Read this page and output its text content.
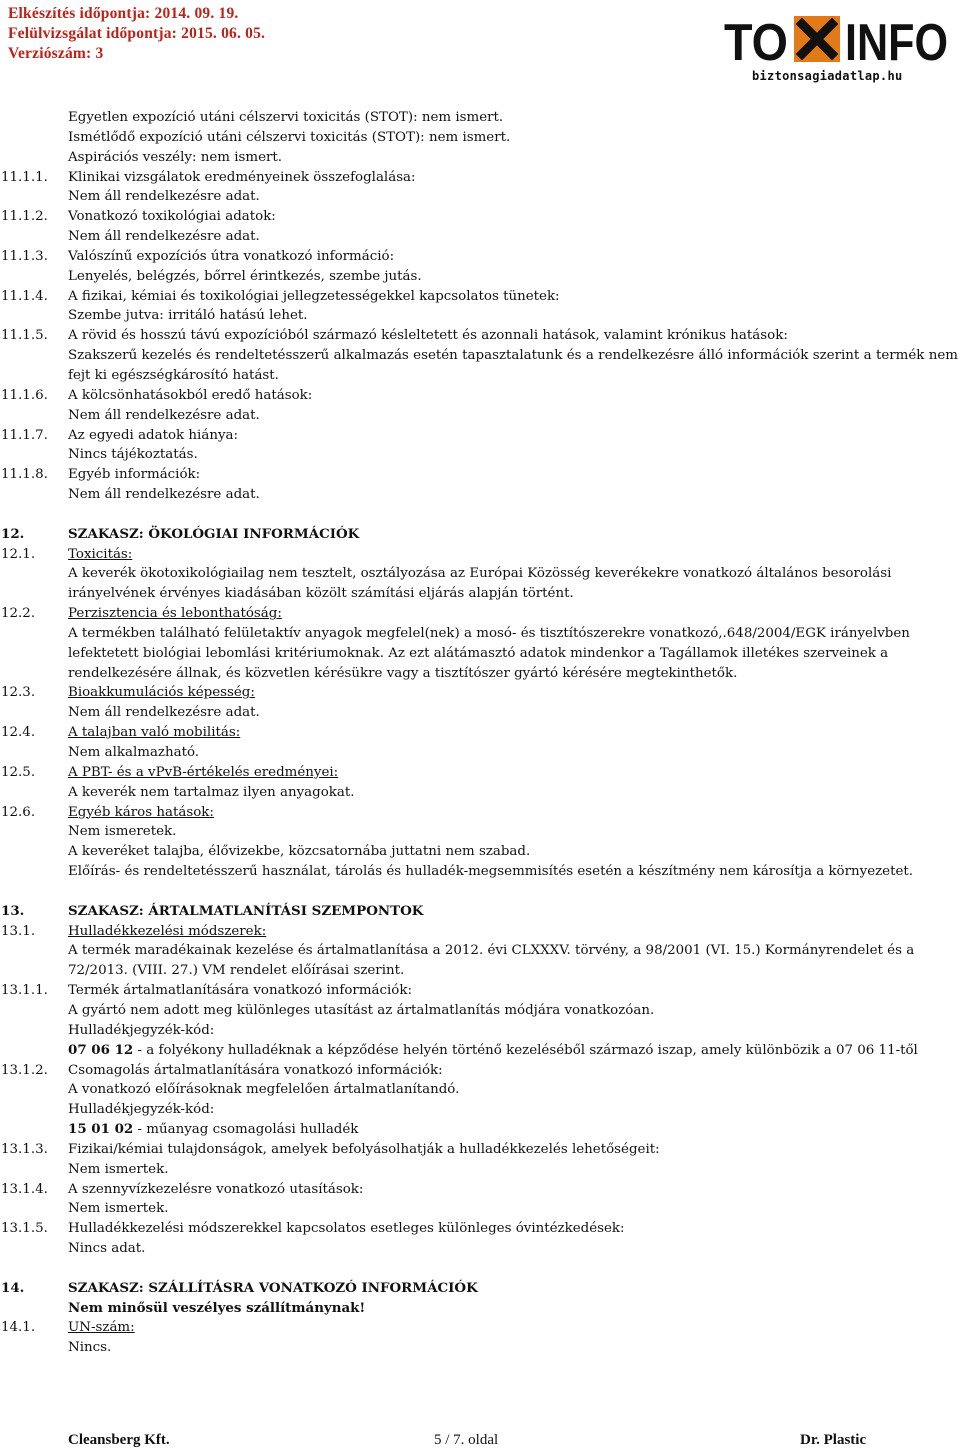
Elkészítés időpontja: 2014. 09. 19.
Felülvizsgálat időpontja: 2015. 06. 05.
Verziószám: 3	TO INFO
biztonsagiadatlap.hu
Egyetlen expozíció utáni célszervi toxicitás (STOT): nem ismert.
Ismétlődő expozíció utáni célszervi toxicitás (STOT): nem ismert.
Aspirációs veszély: nem ismert.
11.1.1.	Klinikai vizsgálatok eredményeinek összefoglalása:
Nem áll rendelkezésre adat.
11.1.2.	Vonatkozó toxikológiai adatok:
Nem áll rendelkezésre adat.
11.1.3.	Valószínű expozíciós útra vonatkozó információ:
Lenyelés, belégzés, bőrrel érintkezés, szembe jutás.
11.1.4.	A fizikai, kémiai és toxikológiai jellegzetességekkel kapcsolatos tünetek:
Szembe jutva: irritáló hatású lehet.
11.1.5.	A rövid és hosszú távú expozícióból származó késleltetett és azonnali hatások, valamint krónikus hatások:
Szakszerű kezelés és rendeltetésszerű alkalmazás esetén tapasztalatunk és a rendelkezésre álló információk szerint a termék nem fejt ki egészségkárosító hatást.
11.1.6.	A kölcsönhatásokból eredő hatások:
Nem áll rendelkezésre adat.
11.1.7.	Az egyedi adatok hiánya:
Nincs tájékoztatás.
11.1.8.	Egyéb információk:
Nem áll rendelkezésre adat.
12.	SZAKASZ: ÖKOLÓGIAI INFORMÁCIÓK
12.1.	Toxicitás:
A keverék ökotoxikológiailag nem tesztelt, osztályozása az Európai Közösség keverékekre vonatkozó általános besorolási irányelvének érvényes kiadásában közölt számítási eljárás alapján történt.
12.2.	Perzisztencia és lebonthatóság:
A termékben található felületaktív anyagok megfelel(nek) a mosó- és tisztítószerekre vonatkozó,.648/2004/EGK irányelvben lefektetett biológiai lebomlási kritériumoknak. Az ezt alátámasztó adatok mindenkor a Tagállamok illetékes szerveinek a rendelkezésére állnak, és közvetlen kérésükre vagy a tisztítószer gyártó kérésére megtekinthetők.
12.3.	Bioakkumulációs képesség:
Nem áll rendelkezésre adat.
12.4.	A talajban való mobilitás:
Nem alkalmazható.
12.5.	A PBT- és a vPvB-értékelés eredményei:
A keverék nem tartalmaz ilyen anyagokat.
12.6.	Egyéb káros hatások:
Nem ismeretek.
A keveréket talajba, élővizekbe, közcsatornába juttatni nem szabad.
Előírás- és rendeltetésszerű használat, tárolás és hulladék-megsemmisítés esetén a készítmény nem károsítja a környezetet.
13.	SZAKASZ: ÁRTALMATLANÍTÁSI SZEMPONTOK
13.1.	Hulladékkezelési módszerek:
A termék maradékainak kezelése és ártalmatlanítása a 2012. évi CLXXXV. törvény, a 98/2001 (VI. 15.) Kormányrendelet és a 72/2013. (VIII. 27.) VM rendelet előírásai szerint.
13.1.1.	Termék ártalmatlanítására vonatkozó információk:
A gyártó nem adott meg különleges utasítást az ártalmatlanítás módjára vonatkozóan.
Hulladékjegyzék-kód:
07 06 12 - a folyékony hulladéknak a képződése helyén történő kezeléséből származó iszap, amely különbözik a 07 06 11-től
13.1.2.	Csomagolás ártalmatlanítására vonatkozó információk:
A vonatkozó előírásoknak megfelelően ártalmatlanítandó.
Hulladékjegyzék-kód:
15 01 02 - műanyag csomagolási hulladék
13.1.3.	Fizikai/kémiai tulajdonságok, amelyek befolyásolhatják a hulladékkezelés lehetőségeit:
Nem ismertek.
13.1.4.	A szennyvízkezelésre vonatkozó utasítások:
Nem ismertek.
13.1.5.	Hulladékkezelési módszerekkel kapcsolatos esetleges különleges óvintézkedések:
Nincs adat.
14.	SZAKASZ: SZÁLLÍTÁSRA VONATKOZÓ INFORMÁCIÓK
Nem minősül veszélyes szállítmánynak!
14.1.	UN-szám:
Nincs.
Cleansberg Kft.	5 / 7. oldal	Dr. Plastic
